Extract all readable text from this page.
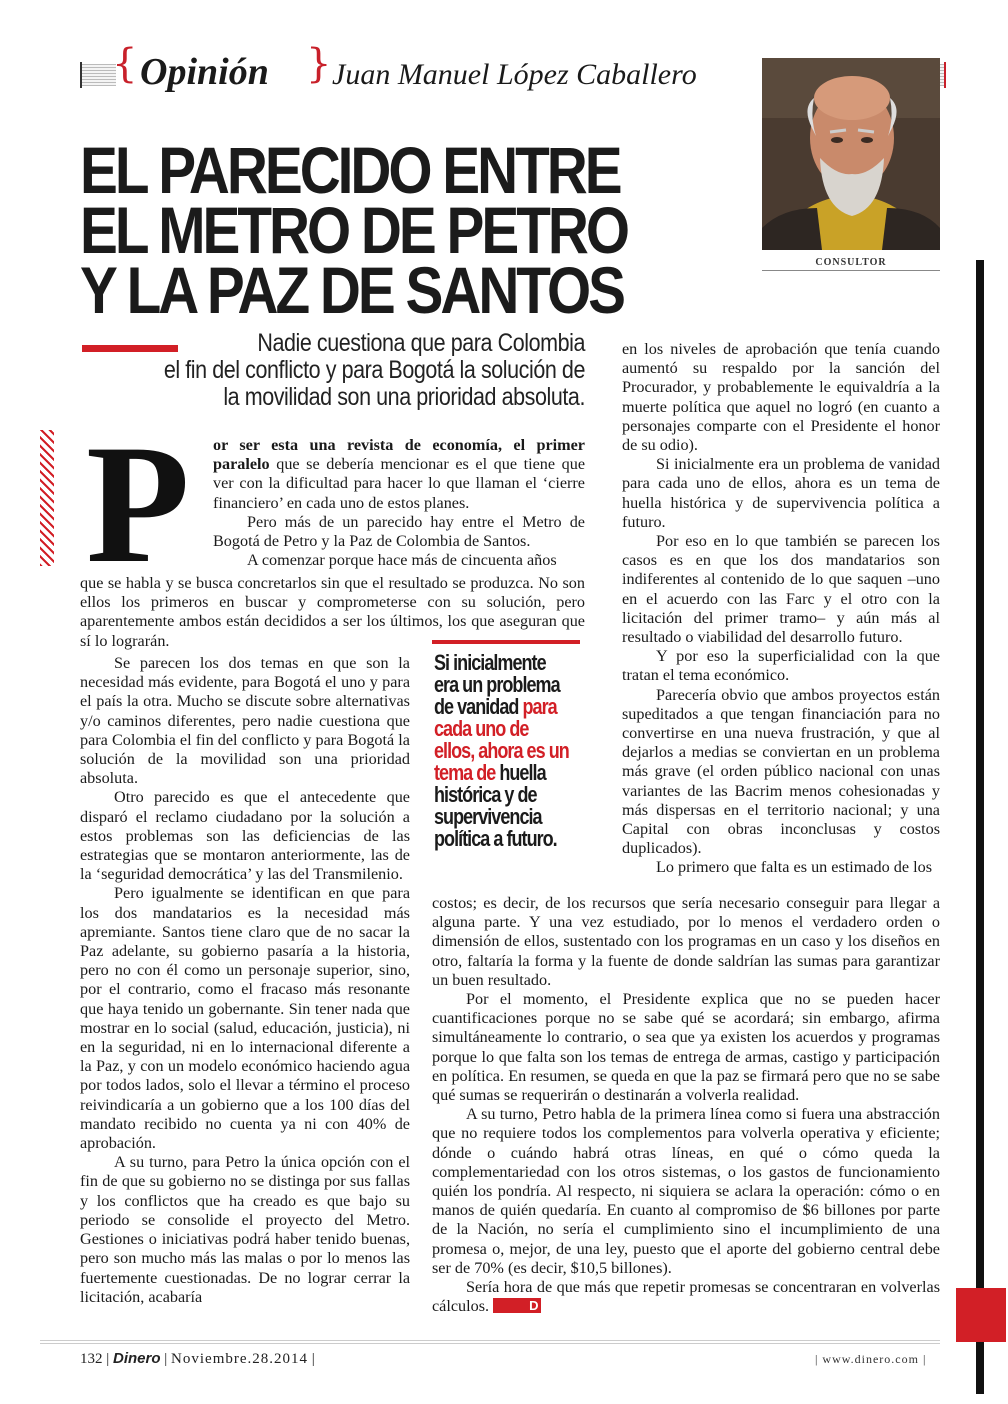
{ Opinión } Juan Manuel López Caballero
CONSULTOR
EL PARECIDO ENTRE
EL METRO DE PETRO
Y LA PAZ DE SANTOS
Nadie cuestiona que para Colombia el fin del conflicto y para Bogotá la solución de la movilidad son una prioridad absoluta.
P or ser esta una revista de economía, el primer paralelo que se debería mencionar es el que tiene que ver con la dificultad para hacer lo que llaman el ‘cierre financiero’ en cada uno de estos planes.

Pero más de un parecido hay entre el Metro de Bogotá de Petro y la Paz de Colombia de Santos.

A comenzar porque hace más de cincuenta años

que se habla y se busca concretarlos sin que el resultado se produzca. No son ellos los primeros en buscar y comprometerse con su solución, pero aparentemente ambos están decididos a ser los últimos, los que aseguran que sí lo lograrán.

Se parecen los dos temas en que son la necesidad más evidente, para Bogotá el uno y para el país la otra. Mucho se discute sobre alternativas y/o caminos diferentes, pero nadie cuestiona que para Colombia el fin del conflicto y para Bogotá la solución de la movilidad son una prioridad absoluta.

Otro parecido es que el antecedente que disparó el reclamo ciudadano por la solución a estos problemas son las deficiencias de las estrategias que se montaron anteriormente, las de la ‘seguridad democrática’ y las del Transmilenio.

Pero igualmente se identifican en que para los dos mandatarios es la necesidad más apremiante. Santos tiene claro que de no sacar la Paz adelante, su gobierno pasaría a la historia, pero no con él como un personaje superior, sino, por el contrario, como el fracaso más resonante que haya tenido un gobernante. Sin tener nada que mostrar en lo social (salud, educación, justicia), ni en la seguridad, ni en lo internacional diferente a la Paz, y con un modelo económico haciendo agua por todos lados, solo el llevar a término el proceso reivindicaría a un gobierno que a los 100 días del mandato recibido no cuenta ya ni con 40% de aprobación.

A su turno, para Petro la única opción con el fin de que su gobierno no se distinga por sus fallas y los conflictos que ha creado es que bajo su periodo se consolide el proyecto del Metro. Gestiones o iniciativas podrá haber tenido buenas, pero son mucho más las malas o por lo menos las fuertemente cuestionadas. De no lograr cerrar la licitación, acabaría

Si inicialmente era un problema de vanidad para cada uno de ellos, ahora es un tema de huella histórica y de supervivencia política a futuro.

en los niveles de aprobación que tenía cuando aumentó su respaldo por la sanción del Procurador, y probablemente le equivaldría a la muerte política que aquel no logró (en cuanto a personajes comparte con el Presidente el honor de su odio).

Si inicialmente era un problema de vanidad para cada uno de ellos, ahora es un tema de huella histórica y de supervivencia política a futuro.

Por eso en lo que también se parecen los casos es en que los dos mandatarios son indiferentes al contenido de lo que saquen –uno en el acuerdo con las Farc y el otro con la licitación del primer tramo– y aún más al resultado o viabilidad del desarrollo futuro.

Y por eso la superficialidad con la que tratan el tema económico.

Parecería obvio que ambos proyectos están supeditados a que tengan financiación para no convertirse en una nueva frustración, y que al dejarlos a medias se conviertan en un problema más grave (el orden público nacional con unas variantes de las Bacrim menos cohesionadas y más dispersas en el territorio nacional; y una Capital con obras inconclusas y costos duplicados).

Lo primero que falta es un estimado de los

costos; es decir, de los recursos que sería necesario conseguir para llegar a alguna parte. Y una vez estudiado, por lo menos el verdadero orden o dimensión de ellos, sustentado con los programas en un caso y los diseños en otro, faltaría la forma y la fuente de donde saldrían las sumas para garantizar un buen resultado.

Por el momento, el Presidente explica que no se pueden hacer cuantificaciones porque no se sabe qué se acordará; sin embargo, afirma simultáneamente lo contrario, o sea que ya existen los acuerdos y programas porque lo que falta son los temas de entrega de armas, castigo y participación en política. En resumen, se queda en que la paz se firmará pero que no se sabe qué sumas se requerirán o destinarán a volverla realidad.

A su turno, Petro habla de la primera línea como si fuera una abstracción que no requiere todos los complementos para volverla operativa y eficiente; dónde o cuándo habrá otras líneas, en qué o cómo queda la complementariedad con los otros sistemas, o los gastos de funcionamiento quién los pondría. Al respecto, ni siquiera se aclara la operación: cómo o en manos de quién quedaría. En cuanto al compromiso de $6 billones por parte de la Nación, no sería el cumplimiento sino el incumplimiento de una promesa o, mejor, de una ley, puesto que el aporte del gobierno central debe ser de 70% (es decir, $10,5 billones).

Sería hora de que más que repetir promesas se concentraran en volverlas cálculos.	D

132 | Dinero | Noviembre.28.2014 |	| www.dinero.com |
